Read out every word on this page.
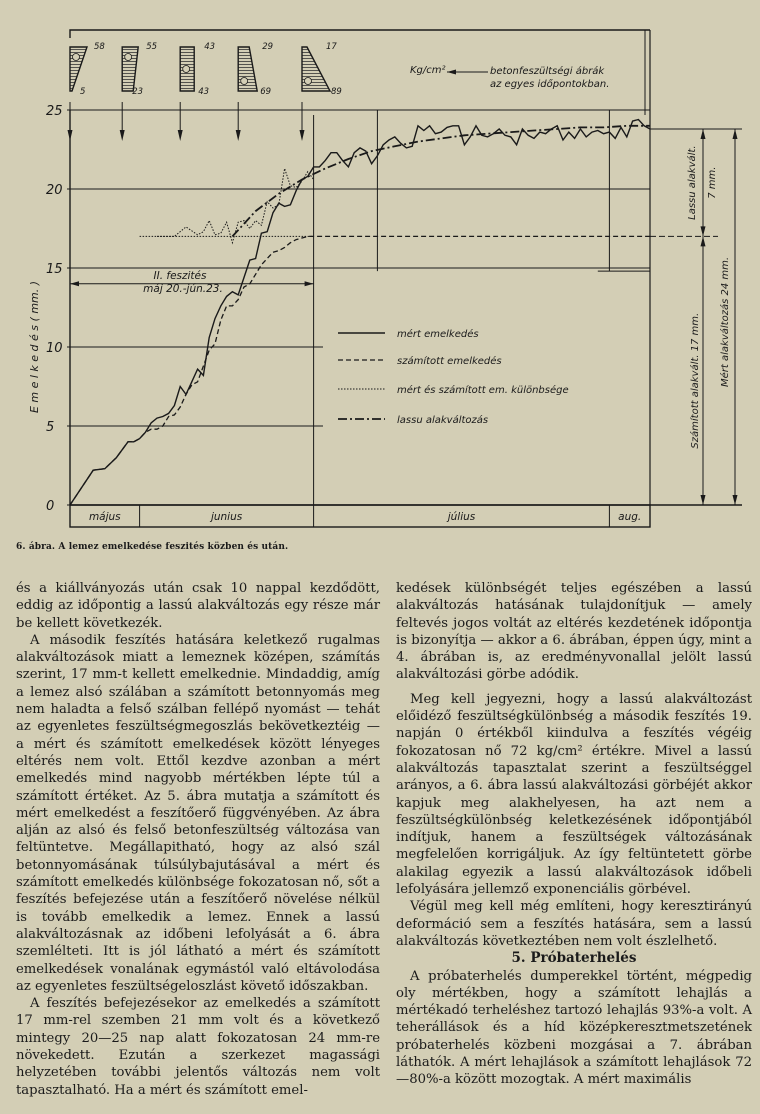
0
5
10
15
20
25
május	junius	július	aug.
E m e l k e d é s ( mm. )
58
5
55
23
43
43
29
69
17
89
Kg/cm²	betonfeszültségi ábrák
az egyes időpontokban.
mért emelkedés
számított emelkedés
mért és számított em. különbsége
lassu alakváltozás
II. feszités
máj 20.-jún.23.
Lassu alakvált. 7 mm.
Számított alakvált. 17 mm. Mért alakváltozás 24 mm.
6. ábra. A lemez emelkedése feszités közben és után.

és a kiállványozás után csak 10 nappal kezdődött, eddig az időpontig a lassú alakváltozás egy része már be kellett következék.

A második feszítés hatására keletkező rugalmas alakváltozások miatt a lemeznek középen, számítás szerint, 17 mm-t kellett emelkednie. Mindaddig, amíg a lemez alsó szálában a számított betonnyomás meg nem haladta a felső szálban fellépő nyomást — tehát az egyenletes feszültségmegoszlás bekövetkeztéig — a mért és számított emelkedések között lényeges eltérés nem volt. Ettől kezdve azonban a mért emelkedés mind nagyobb mértékben lépte túl a számított értéket. Az 5. ábra mutatja a számított és mért emelkedést a feszítőerő függvényében. Az ábra alján az alsó és felső betonfeszültség változása van feltüntetve. Megállapitható, hogy az alsó szál betonnyomásának túlsúlybajutásával a mért és számított emelkedés különbsége fokozatosan nő, sőt a feszítés befejezése után a feszítőerő növelése nélkül is tovább emelkedik a lemez. Ennek a lassú alakváltozásnak az időbeni lefolyását a 6. ábra szemlélteti. Itt is jól látható a mért és számított emelkedések vonalának egymástól való eltávolodása az egyenletes feszültségeloszlást követő időszakban.

A feszítés befejezésekor az emelkedés a számított 17 mm-rel szemben 21 mm volt és a következő mintegy 20—25 nap alatt fokozatosan 24 mm-re növekedett. Ezután a szerkezet magassági helyzetében további jelentős változás nem volt tapasztalható. Ha a mért és számított emel-

kedések különbségét teljes egészében a lassú alakváltozás hatásának tulajdonítjuk — amely feltevés jogos voltát az eltérés kezdetének időpontja is bizonyítja — akkor a 6. ábrában, éppen úgy, mint a 4. ábrában is, az eredményvonallal jelölt lassú alakváltozási görbe adódik.

Meg kell jegyezni, hogy a lassú alakváltozást előidéző feszültségkülönbség a második feszítés 19. napján 0 értékből kiindulva a feszítés végéig fokozatosan nő 72 kg/cm² értékre. Mivel a lassú alakváltozás tapasztalat szerint a feszültséggel arányos, a 6. ábra lassú alakváltozási görbéjét akkor kapjuk meg alakhelyesen, ha azt nem a feszültségkülönbség keletkezésének időpontjából indítjuk, hanem a feszültségek változásának megfelelően korrigáljuk. Az így feltüntetett görbe alakilag egyezik a lassú alakváltozások időbeli lefolyására jellemző exponenciális görbével.

Végül meg kell még említeni, hogy keresztirányú deformáció sem a feszítés hatására, sem a lassú alakváltozás következtében nem volt észlelhető.

5. Próbaterhelés

A próbaterhelés dumperekkel történt, mégpedig oly mértékben, hogy a számított lehajlás a mértékadó terheléshez tartozó lehajlás 93%-a volt. A teherállások és a híd középkeresztmetszetének próbaterhelés közbeni mozgásai a 7. ábrában láthatók. A mért lehajlások a számított lehajlások 72—80%-a között mozogtak. A mért maximális
